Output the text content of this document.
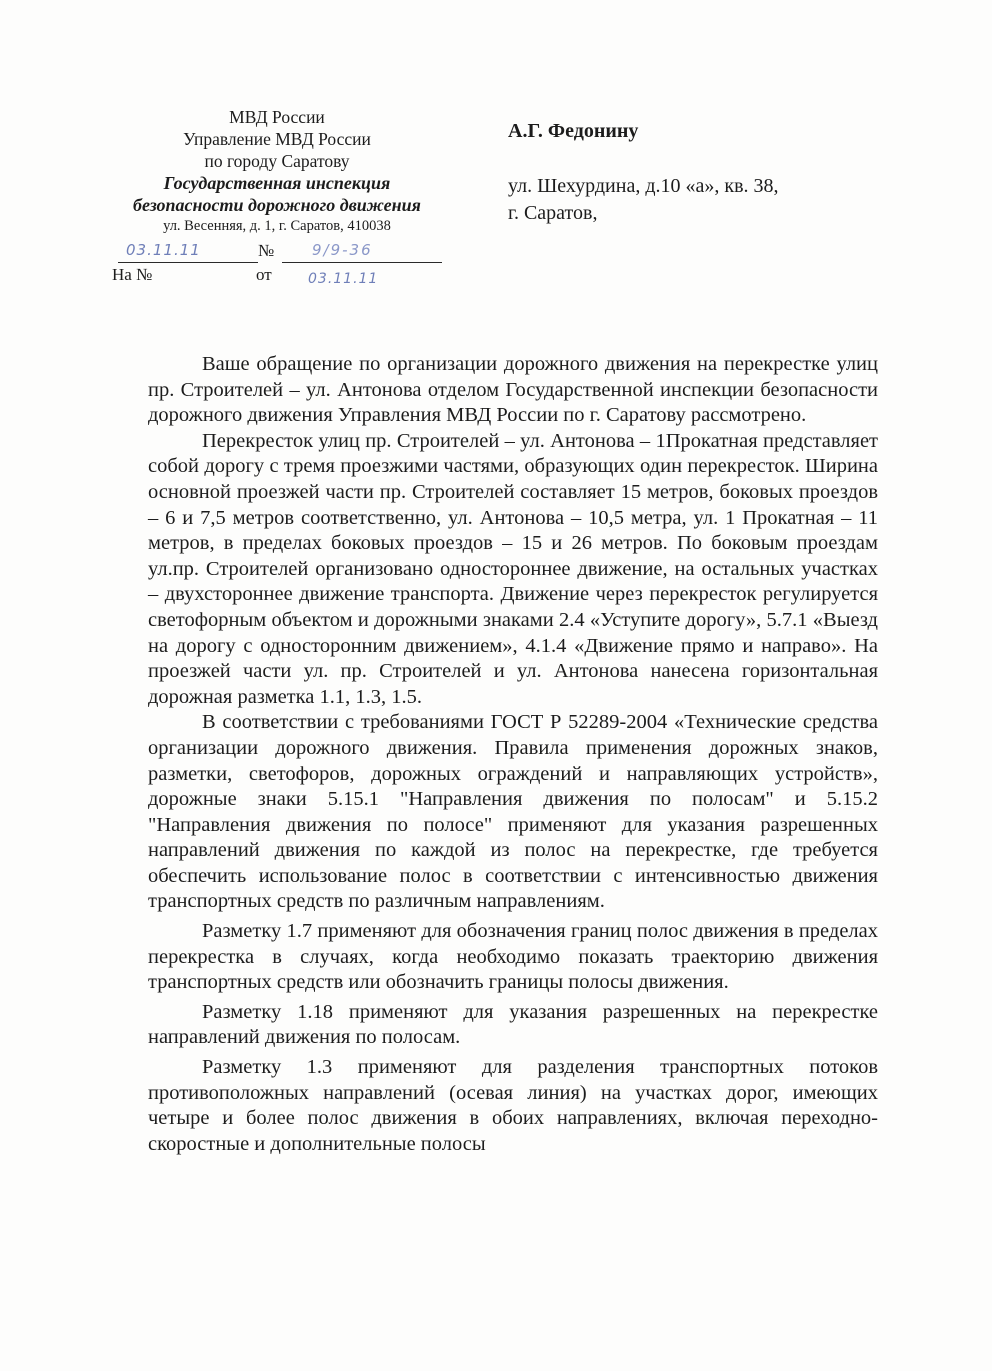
МВД России
Управление МВД России
по городу Саратову
Государственная инспекция
безопасности дорожного движения
ул. Весенняя, д. 1, г. Саратов, 410038
03.11.11	№	9/9-36
На №	от	03.11.11
А.Г. Федонину
ул. Шехурдина, д.10 «а», кв. 38,
г. Саратов,

Ваше обращение по организации дорожного движения на перекрестке улиц пр. Строителей – ул. Антонова отделом Государственной инспекции безопасности дорожного движения Управления МВД России по г. Саратову рассмотрено.

Перекресток улиц пр. Строителей – ул. Антонова – 1Прокатная представляет собой дорогу с тремя проезжими частями, образующих один перекресток. Ширина основной проезжей части пр. Строителей составляет 15 метров, боковых проездов – 6 и 7,5 метров соответственно, ул. Антонова – 10,5 метра, ул. 1 Прокатная – 11 метров, в пределах боковых проездов – 15 и 26 метров. По боковым проездам ул.пр. Строителей организовано одностороннее движение, на остальных участках – двухстороннее движение транспорта. Движение через перекресток регулируется светофорным объектом и дорожными знаками 2.4 «Уступите дорогу», 5.7.1 «Выезд на дорогу с односторонним движением», 4.1.4 «Движение прямо и направо». На проезжей части ул. пр. Строителей и ул. Антонова нанесена горизонтальная дорожная разметка 1.1, 1.3, 1.5.

В соответствии с требованиями ГОСТ Р 52289-2004 «Технические средства организации дорожного движения. Правила применения дорожных знаков, разметки, светофоров, дорожных ограждений и направляющих устройств», дорожные знаки 5.15.1 "Направления движения по полосам" и 5.15.2 "Направления движения по полосе" применяют для указания разрешенных направлений движения по каждой из полос на перекрестке, где требуется обеспечить использование полос в соответствии с интенсивностью движения транспортных средств по различным направлениям.

Разметку 1.7 применяют для обозначения границ полос движения в пределах перекрестка в случаях, когда необходимо показать траекторию движения транспортных средств или обозначить границы полосы движения.

Разметку 1.18 применяют для указания разрешенных на перекрестке направлений движения по полосам.

Разметку 1.3 применяют для разделения транспортных потоков противоположных направлений (осевая линия) на участках дорог, имеющих четыре и более полос движения в обоих направлениях, включая переходно-скоростные и дополнительные полосы
